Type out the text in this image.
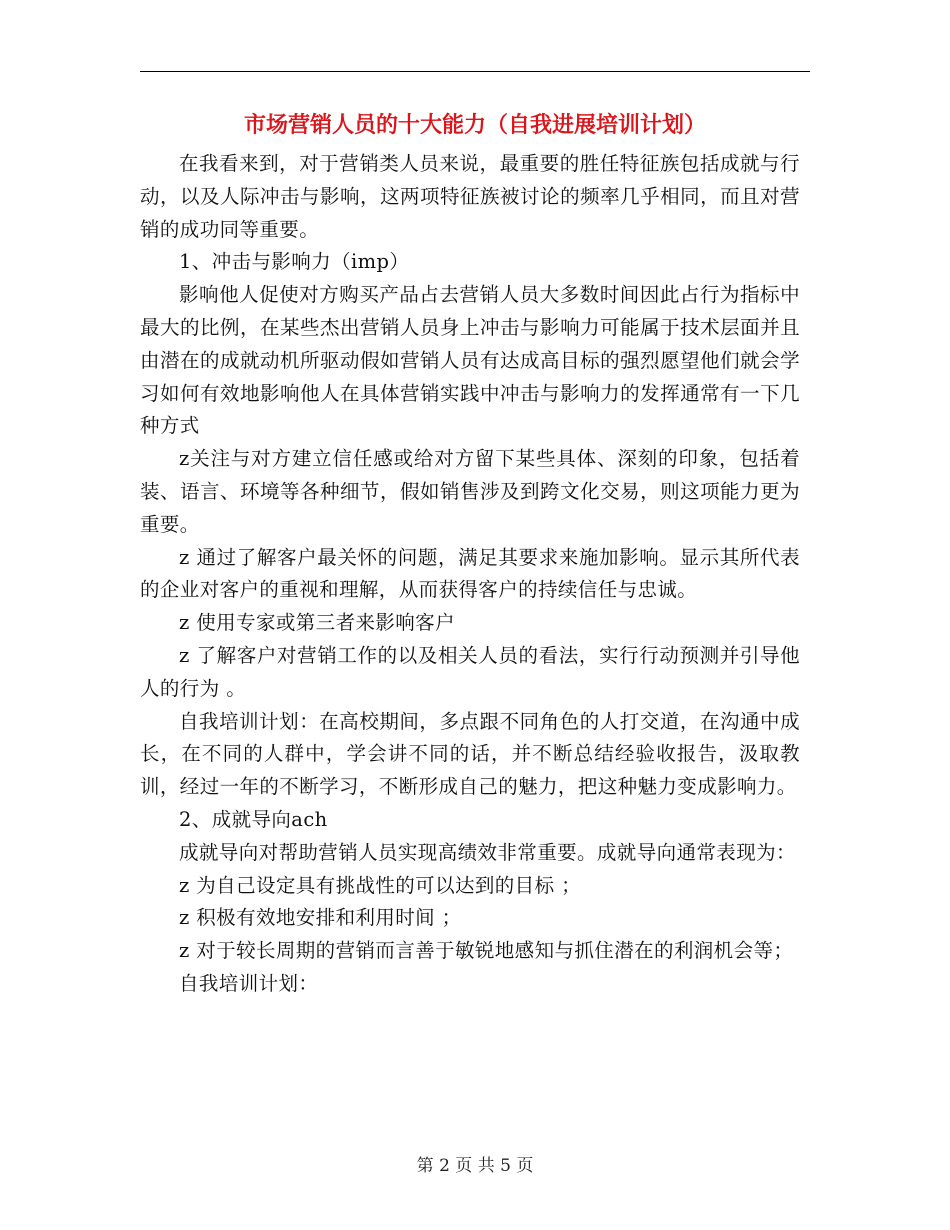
市场营销人员的十大能力（自我进展培训计划）

在我看来到，对于营销类人员来说，最重要的胜任特征族包括成就与行动，以及人际冲击与影响，这两项特征族被讨论的频率几乎相同，而且对营销的成功同等重要。

1、冲击与影响力（imp）

影响他人促使对方购买产品占去营销人员大多数时间因此占行为指标中最大的比例，在某些杰出营销人员身上冲击与影响力可能属于技术层面并且由潜在的成就动机所驱动假如营销人员有达成高目标的强烈愿望他们就会学习如何有效地影响他人在具体营销实践中冲击与影响力的发挥通常有一下几种方式

z关注与对方建立信任感或给对方留下某些具体、深刻的印象，包括着装、语言、环境等各种细节，假如销售涉及到跨文化交易，则这项能力更为重要。

z 通过了解客户最关怀的问题，满足其要求来施加影响。显示其所代表的企业对客户的重视和理解，从而获得客户的持续信任与忠诚。

z 使用专家或第三者来影响客户

z 了解客户对营销工作的以及相关人员的看法，实行行动预测并引导他人的行为 。

自我培训计划：在高校期间，多点跟不同角色的人打交道，在沟通中成长，在不同的人群中，学会讲不同的话，并不断总结经验收报告，汲取教训，经过一年的不断学习，不断形成自己的魅力，把这种魅力变成影响力。

2、成就导向ach

成就导向对帮助营销人员实现高绩效非常重要。成就导向通常表现为：

z 为自己设定具有挑战性的可以达到的目标 ；

z 积极有效地安排和利用时间 ；

z 对于较长周期的营销而言善于敏锐地感知与抓住潜在的利润机会等；

自我培训计划：

第 2 页 共 5 页
